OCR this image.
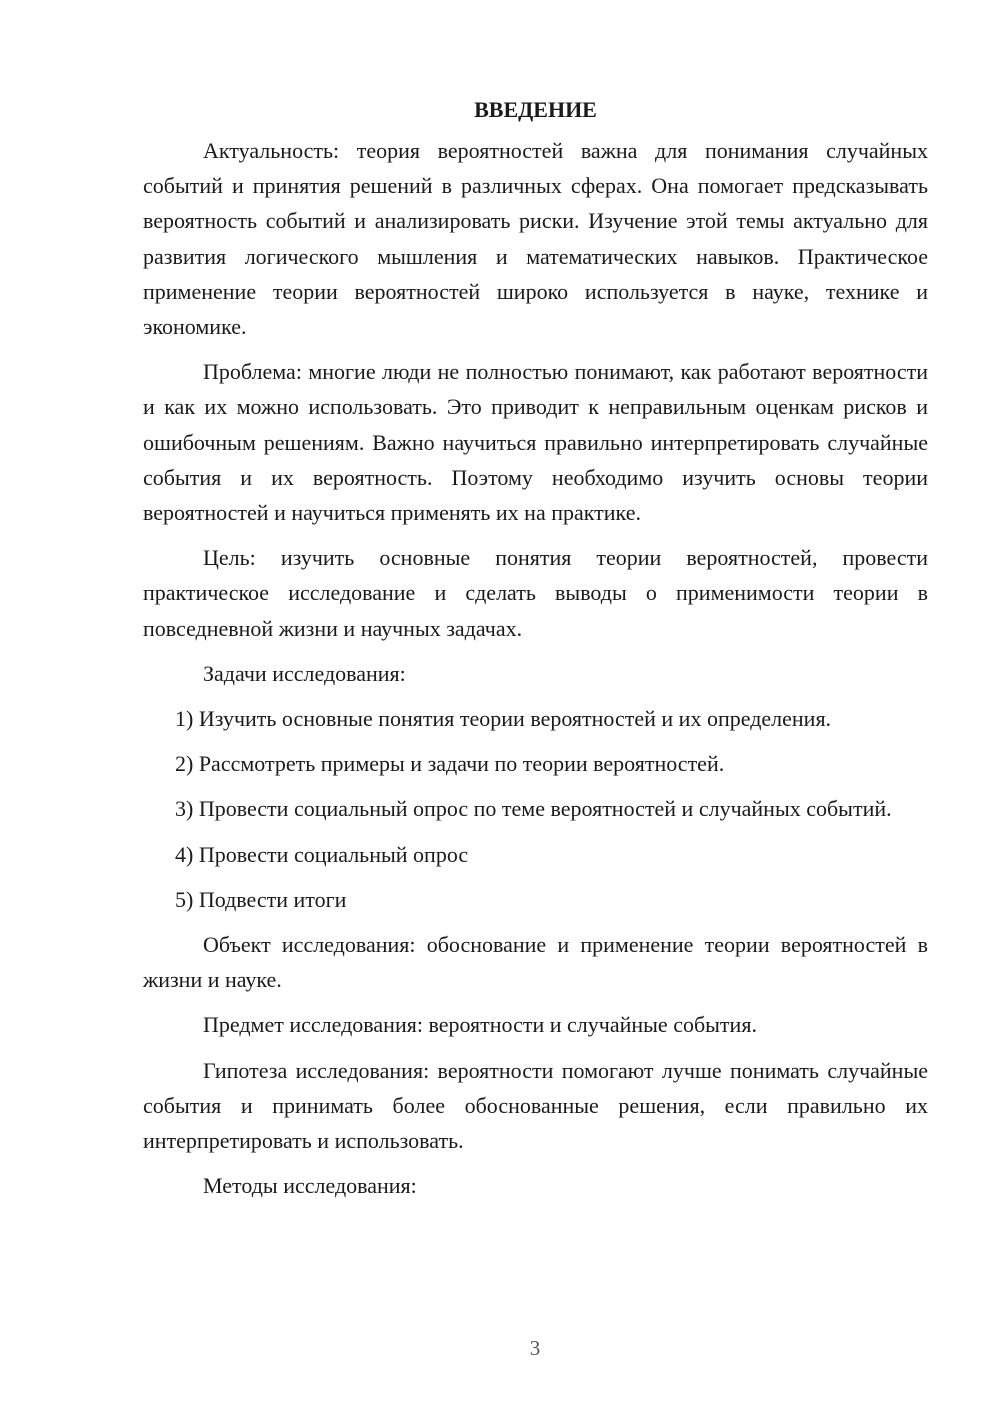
ВВЕДЕНИЕ

Актуальность: теория вероятностей важна для понимания случайных событий и принятия решений в различных сферах. Она помогает предсказывать вероятность событий и анализировать риски. Изучение этой темы актуально для развития логического мышления и математических навыков. Практическое применение теории вероятностей широко используется в науке, технике и экономике.

Проблема: многие люди не полностью понимают, как работают вероятности и как их можно использовать. Это приводит к неправильным оценкам рисков и ошибочным решениям. Важно научиться правильно интерпретировать случайные события и их вероятность. Поэтому необходимо изучить основы теории вероятностей и научиться применять их на практике.

Цель: изучить основные понятия теории вероятностей, провести практическое исследование и сделать выводы о применимости теории в повседневной жизни и научных задачах.

Задачи исследования:

1) Изучить основные понятия теории вероятностей и их определения.

2) Рассмотреть примеры и задачи по теории вероятностей.

3) Провести социальный опрос по теме вероятностей и случайных событий.

4) Провести социальный опрос

5) Подвести итоги

Объект исследования: обоснование и применение теории вероятностей в жизни и науке.

Предмет исследования: вероятности и случайные события.

Гипотеза исследования: вероятности помогают лучше понимать случайные события и принимать более обоснованные решения, если правильно их интерпретировать и использовать.

Методы исследования:

3
